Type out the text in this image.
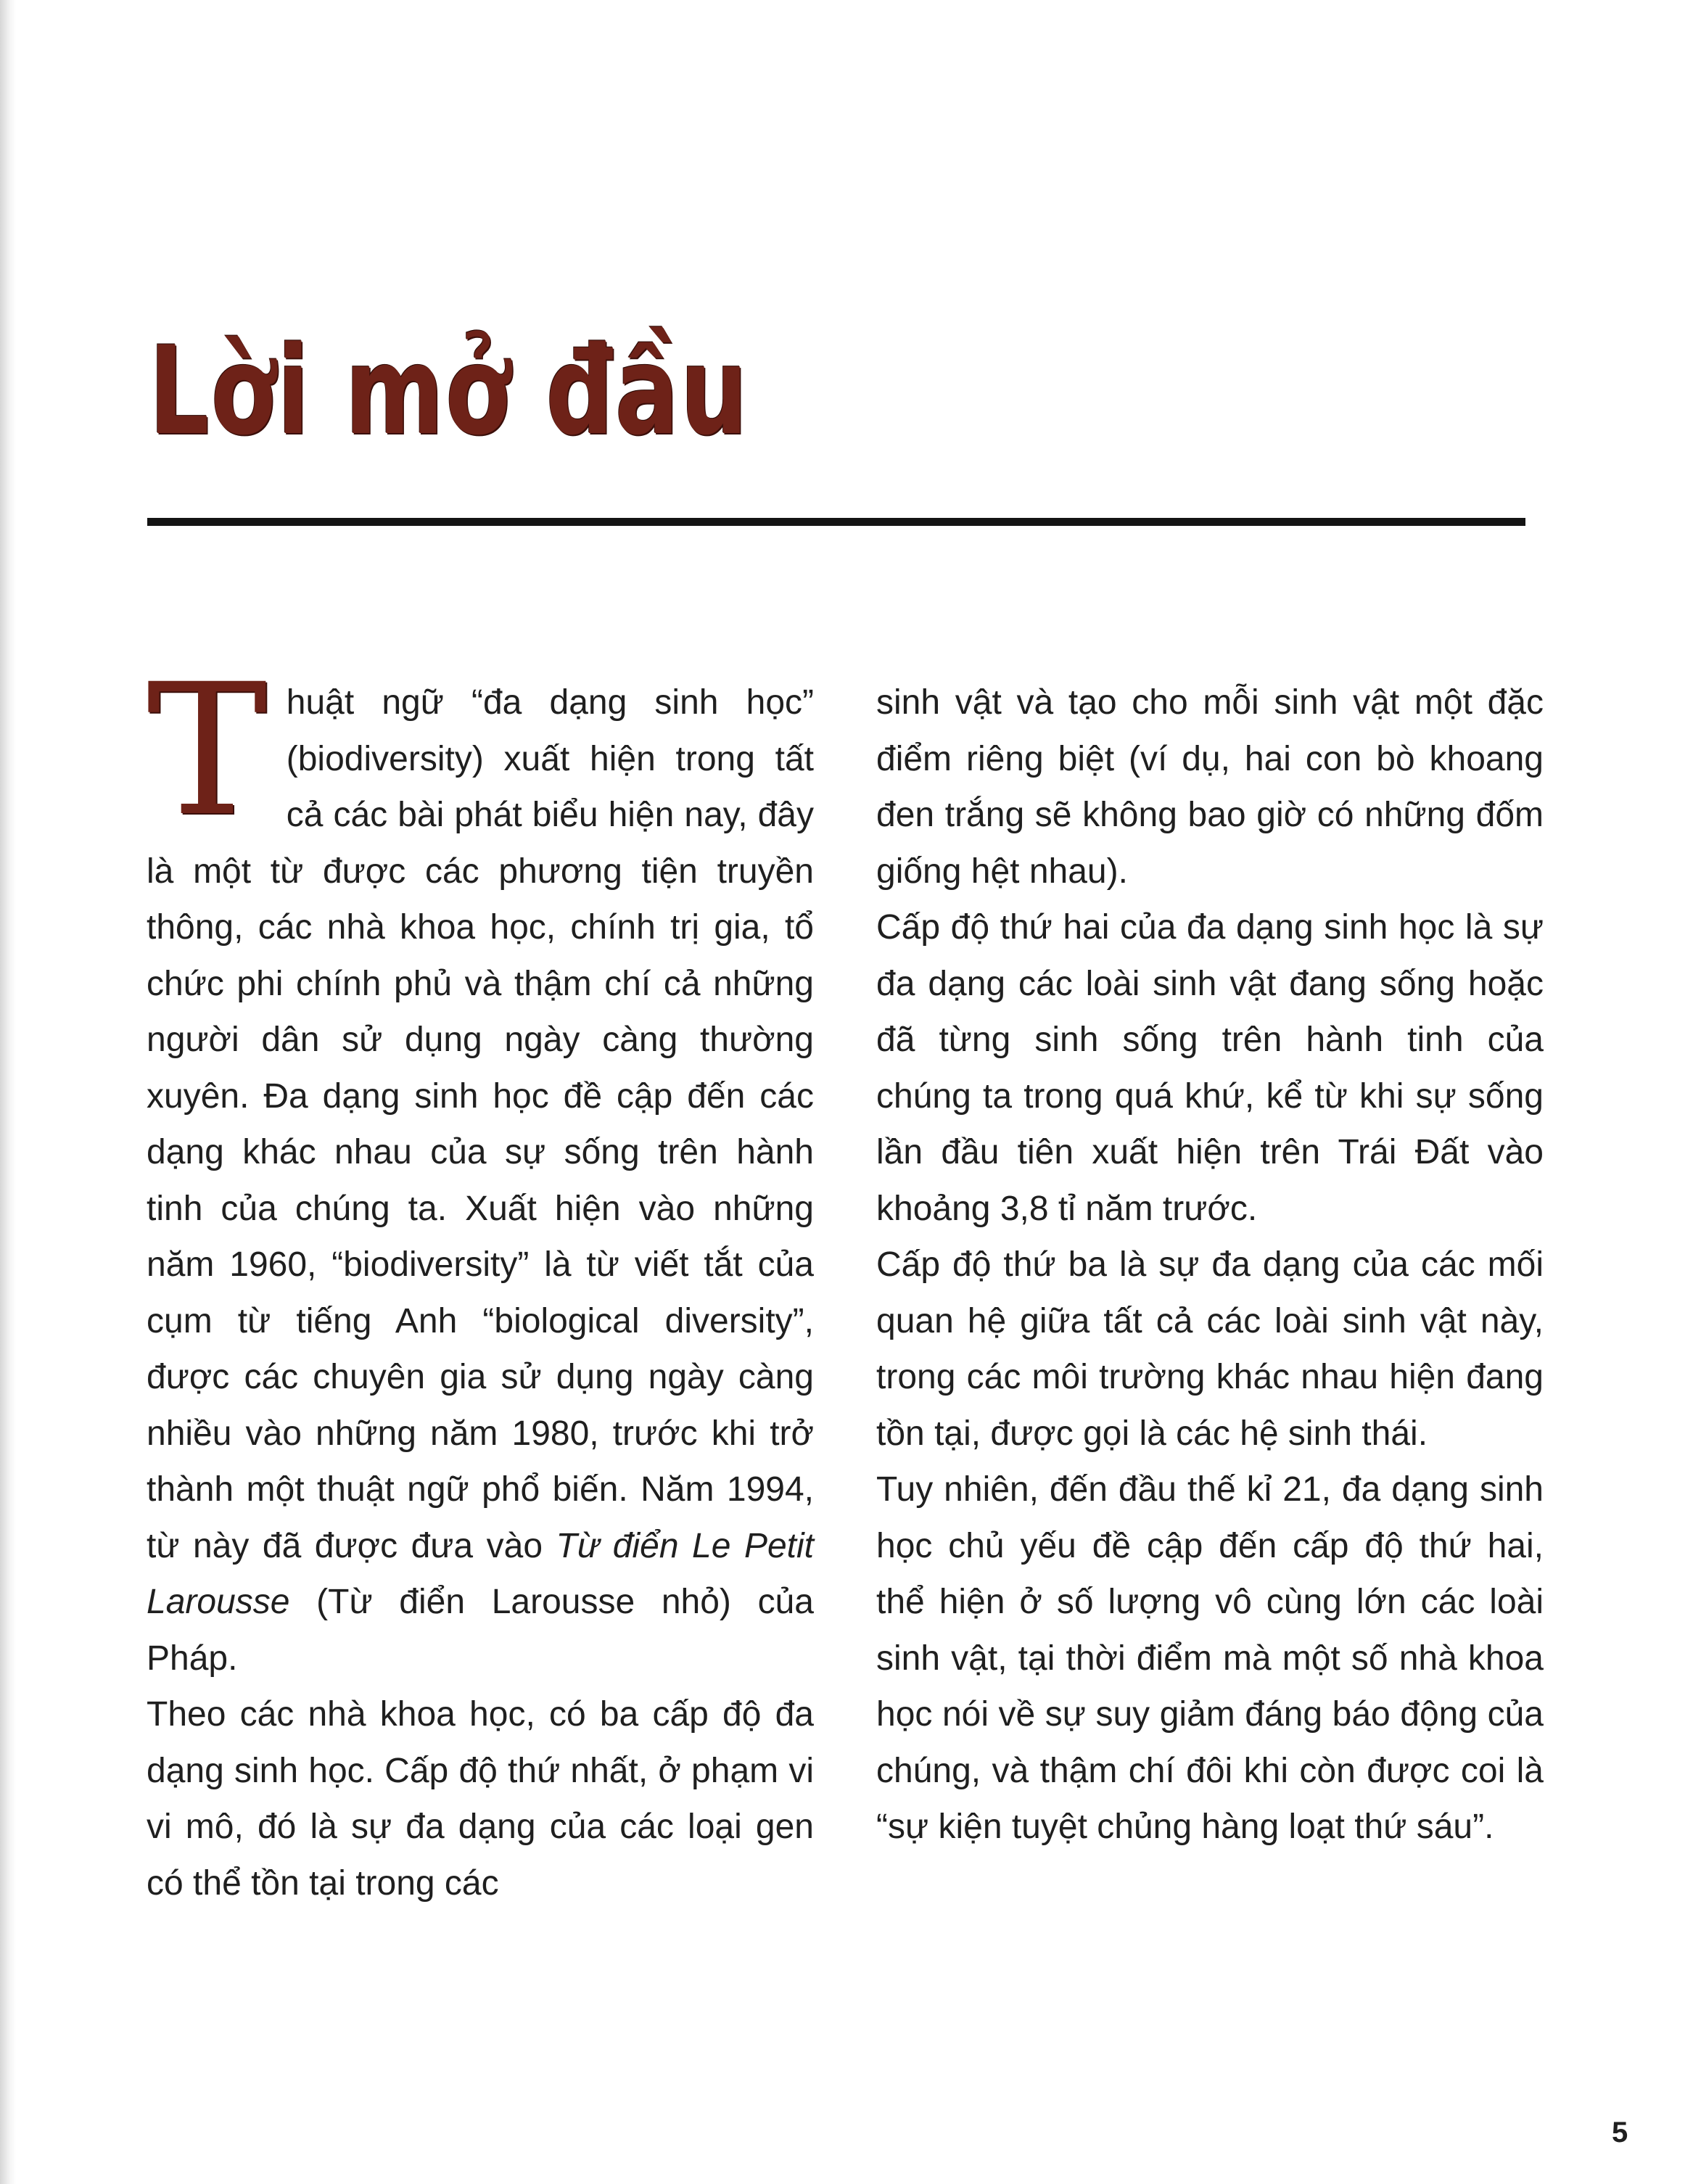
Lời mở đầu

Thuật ngữ “đa dạng sinh học” (biodiversity) xuất hiện trong tất cả các bài phát biểu hiện nay, đây là một từ được các phương tiện truyền thông, các nhà khoa học, chính trị gia, tổ chức phi chính phủ và thậm chí cả những người dân sử dụng ngày càng thường xuyên. Đa dạng sinh học đề cập đến các dạng khác nhau của sự sống trên hành tinh của chúng ta. Xuất hiện vào những năm 1960, “biodiversity” là từ viết tắt của cụm từ tiếng Anh “biological diversity”, được các chuyên gia sử dụng ngày càng nhiều vào những năm 1980, trước khi trở thành một thuật ngữ phổ biến. Năm 1994, từ này đã được đưa vào Từ điển Le Petit Larousse (Từ điển Larousse nhỏ) của Pháp.

Theo các nhà khoa học, có ba cấp độ đa dạng sinh học. Cấp độ thứ nhất, ở phạm vi vi mô, đó là sự đa dạng của các loại gen có thể tồn tại trong các

sinh vật và tạo cho mỗi sinh vật một đặc điểm riêng biệt (ví dụ, hai con bò khoang đen trắng sẽ không bao giờ có những đốm giống hệt nhau).

Cấp độ thứ hai của đa dạng sinh học là sự đa dạng các loài sinh vật đang sống hoặc đã từng sinh sống trên hành tinh của chúng ta trong quá khứ, kể từ khi sự sống lần đầu tiên xuất hiện trên Trái Đất vào khoảng 3,8 tỉ năm trước.

Cấp độ thứ ba là sự đa dạng của các mối quan hệ giữa tất cả các loài sinh vật này, trong các môi trường khác nhau hiện đang tồn tại, được gọi là các hệ sinh thái.

Tuy nhiên, đến đầu thế kỉ 21, đa dạng sinh học chủ yếu đề cập đến cấp độ thứ hai, thể hiện ở số lượng vô cùng lớn các loài sinh vật, tại thời điểm mà một số nhà khoa học nói về sự suy giảm đáng báo động của chúng, và thậm chí đôi khi còn được coi là “sự kiện tuyệt chủng hàng loạt thứ sáu”.

5
